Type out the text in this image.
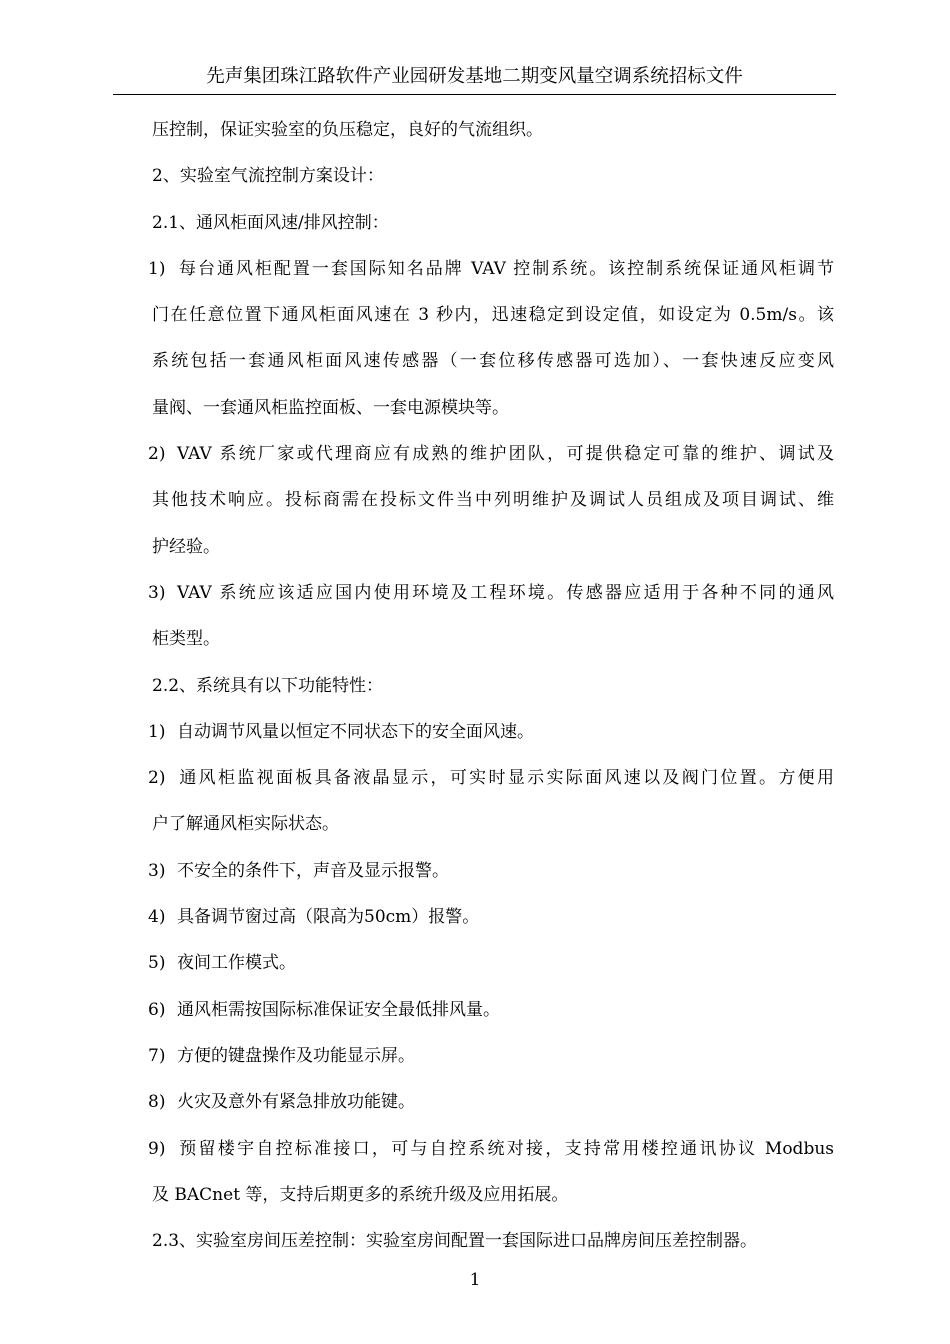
先声集团珠江路软件产业园研发基地二期变风量空调系统招标文件

压控制，保证实验室的负压稳定，良好的气流组织。

2、实验室气流控制方案设计：

2.1、通风柜面风速/排风控制：

1) 每台通风柜配置一套国际知名品牌 VAV 控制系统。该控制系统保证通风柜调节

门在任意位置下通风柜面风速在 3 秒内，迅速稳定到设定值，如设定为 0.5m/s。该

系统包括一套通风柜面风速传感器（一套位移传感器可选加）、一套快速反应变风

量阀、一套通风柜监控面板、一套电源模块等。

2) VAV 系统厂家或代理商应有成熟的维护团队，可提供稳定可靠的维护、调试及

其他技术响应。投标商需在投标文件当中列明维护及调试人员组成及项目调试、维

护经验。

3) VAV 系统应该适应国内使用环境及工程环境。传感器应适用于各种不同的通风

柜类型。

2.2、系统具有以下功能特性：

1) 自动调节风量以恒定不同状态下的安全面风速。

2) 通风柜监视面板具备液晶显示，可实时显示实际面风速以及阀门位置。方便用

户了解通风柜实际状态。

3) 不安全的条件下，声音及显示报警。

4) 具备调节窗过高（限高为50cm）报警。

5) 夜间工作模式。

6) 通风柜需按国际标准保证安全最低排风量。

7) 方便的键盘操作及功能显示屏。

8) 火灾及意外有紧急排放功能键。

9) 预留楼宇自控标准接口，可与自控系统对接，支持常用楼控通讯协议 Modbus

及 BACnet 等，支持后期更多的系统升级及应用拓展。

2.3、实验室房间压差控制：实验室房间配置一套国际进口品牌房间压差控制器。

1
